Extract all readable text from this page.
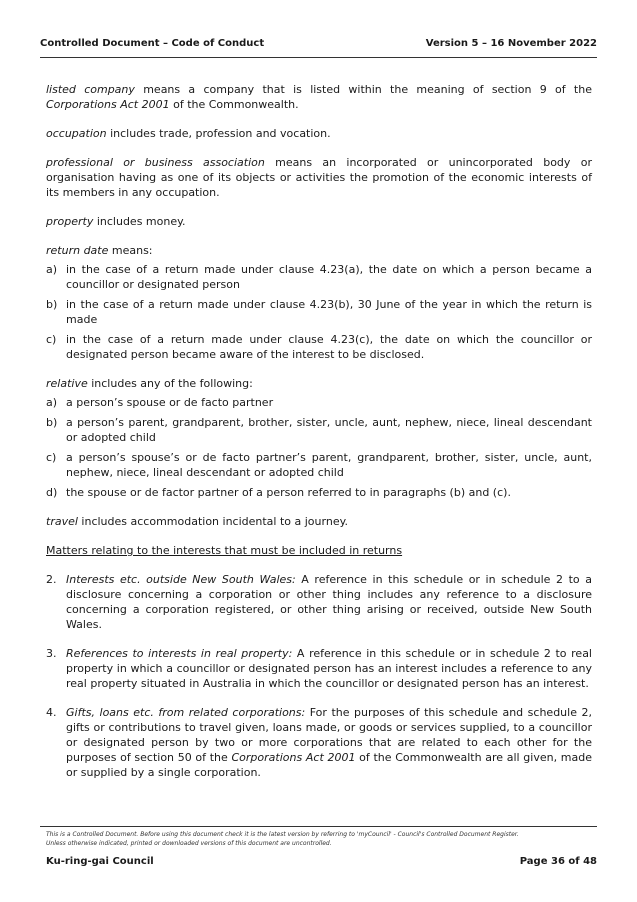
Controlled Document – Code of Conduct	Version 5 – 16 November 2022

listed company means a company that is listed within the meaning of section 9 of the Corporations Act 2001 of the Commonwealth.

occupation includes trade, profession and vocation.

professional or business association means an incorporated or unincorporated body or organisation having as one of its objects or activities the promotion of the economic interests of its members in any occupation.

property includes money.

return date means:

a) in the case of a return made under clause 4.23(a), the date on which a person became a councillor or designated person
b) in the case of a return made under clause 4.23(b), 30 June of the year in which the return is made
c) in the case of a return made under clause 4.23(c), the date on which the councillor or designated person became aware of the interest to be disclosed.

relative includes any of the following:

a) a person’s spouse or de facto partner
b) a person’s parent, grandparent, brother, sister, uncle, aunt, nephew, niece, lineal descendant or adopted child
c) a person’s spouse’s or de facto partner’s parent, grandparent, brother, sister, uncle, aunt, nephew, niece, lineal descendant or adopted child
d) the spouse or de factor partner of a person referred to in paragraphs (b) and (c).

travel includes accommodation incidental to a journey.

Matters relating to the interests that must be included in returns

2. Interests etc. outside New South Wales: A reference in this schedule or in schedule 2 to a disclosure concerning a corporation or other thing includes any reference to a disclosure concerning a corporation registered, or other thing arising or received, outside New South Wales.
3. References to interests in real property: A reference in this schedule or in schedule 2 to real property in which a councillor or designated person has an interest includes a reference to any real property situated in Australia in which the councillor or designated person has an interest.
4. Gifts, loans etc. from related corporations: For the purposes of this schedule and schedule 2, gifts or contributions to travel given, loans made, or goods or services supplied, to a councillor or designated person by two or more corporations that are related to each other for the purposes of section 50 of the Corporations Act 2001 of the Commonwealth are all given, made or supplied by a single corporation.
This is a Controlled Document. Before using this document check it is the latest version by referring to 'myCouncil' - Council's Controlled Document Register.
Unless otherwise indicated, printed or downloaded versions of this document are uncontrolled.
Ku-ring-gai Council	Page 36 of 48
